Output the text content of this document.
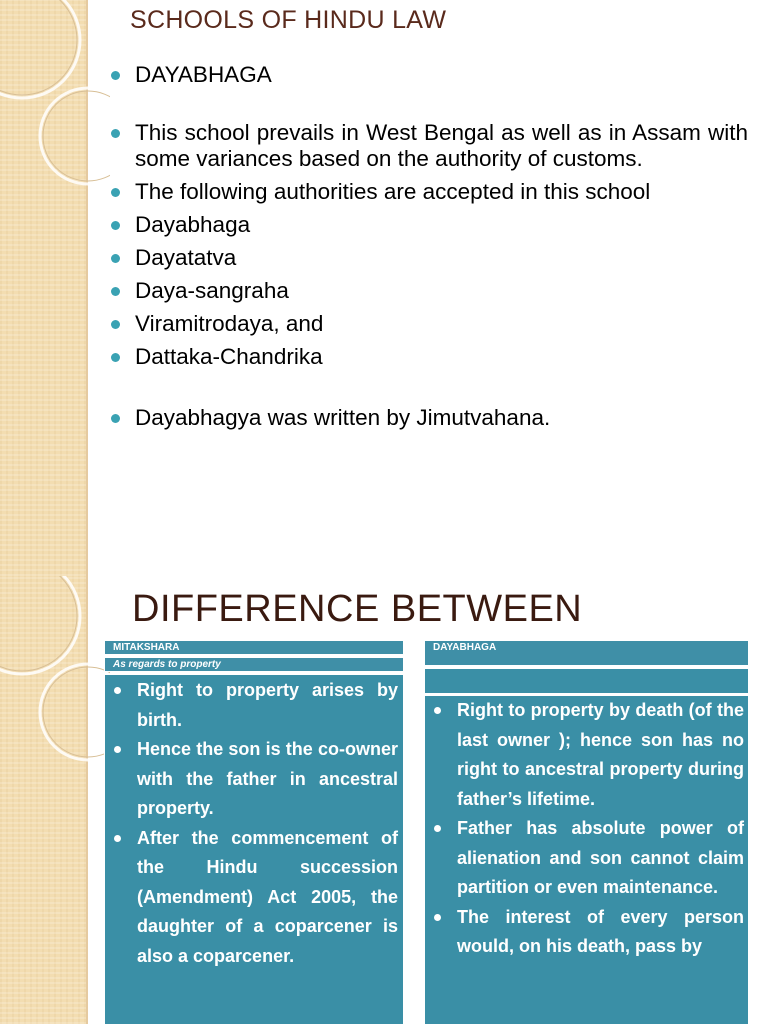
SCHOOLS OF HINDU LAW
DAYABHAGA
This school prevails in West Bengal as well as in Assam with some variances based on the authority of customs.
The following authorities are accepted in this school
Dayabhaga
Dayatatva
Daya-sangraha
Viramitrodaya, and
Dattaka-Chandrika
Dayabhagya was written by Jimutvahana.
DIFFERENCE BETWEEN
MITAKSHARA
As regards to property
Right to property arises by birth.
Hence the son is the co-owner with the father in ancestral property.
After the commencement of the Hindu succession (Amendment) Act 2005, the daughter of a coparcener is also a coparcener.
DAYABHAGA
Right to property by death (of the last owner ); hence son has no right to ancestral property during father’s lifetime.
Father has absolute power of alienation and son cannot claim partition or even maintenance.
The interest of every person would, on his death, pass by
